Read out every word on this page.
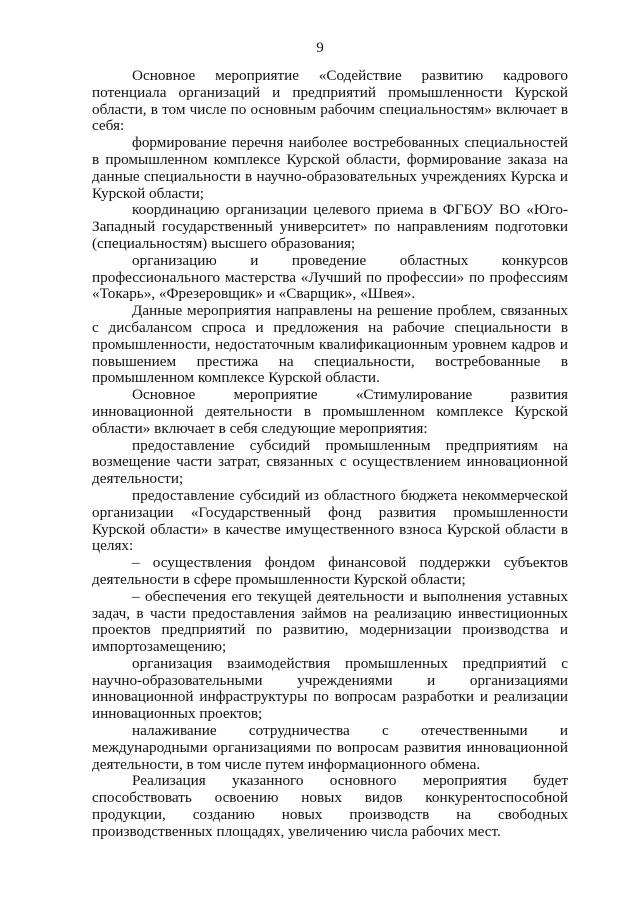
9

Основное мероприятие «Содействие развитию кадрового потенциала организаций и предприятий промышленности Курской области, в том числе по основным рабочим специальностям» включает в себя:

формирование перечня наиболее востребованных специальностей в промышленном комплексе Курской области, формирование заказа на данные специальности в научно-образовательных учреждениях Курска и Курской области;

координацию организации целевого приема в ФГБОУ ВО «Юго-Западный государственный университет» по направлениям подготовки (специальностям) высшего образования;

организацию и проведение областных конкурсов профессионального мастерства «Лучший по профессии» по профессиям «Токарь», «Фрезеровщик» и «Сварщик», «Швея».

Данные мероприятия направлены на решение проблем, связанных с дисбалансом спроса и предложения на рабочие специальности в промышленности, недостаточным квалификационным уровнем кадров и повышением престижа на специальности, востребованные в промышленном комплексе Курской области.

Основное мероприятие «Стимулирование развития инновационной деятельности в промышленном комплексе Курской области» включает в себя следующие мероприятия:

предоставление субсидий промышленным предприятиям на возмещение части затрат, связанных с осуществлением инновационной деятельности;

предоставление субсидий из областного бюджета некоммерческой организации «Государственный фонд развития промышленности Курской области» в качестве имущественного взноса Курской области в целях:

– осуществления фондом финансовой поддержки субъектов деятельности в сфере промышленности Курской области;

– обеспечения его текущей деятельности и выполнения уставных задач, в части предоставления займов на реализацию инвестиционных проектов предприятий по развитию, модернизации производства и импортозамещению;

организация взаимодействия промышленных предприятий с научно-образовательными учреждениями и организациями инновационной инфраструктуры по вопросам разработки и реализации инновационных проектов;

налаживание сотрудничества с отечественными и международными организациями по вопросам развития инновационной деятельности, в том числе путем информационного обмена.

Реализация указанного основного мероприятия будет способствовать освоению новых видов конкурентоспособной продукции, созданию новых производств на свободных производственных площадях, увеличению числа рабочих мест.
